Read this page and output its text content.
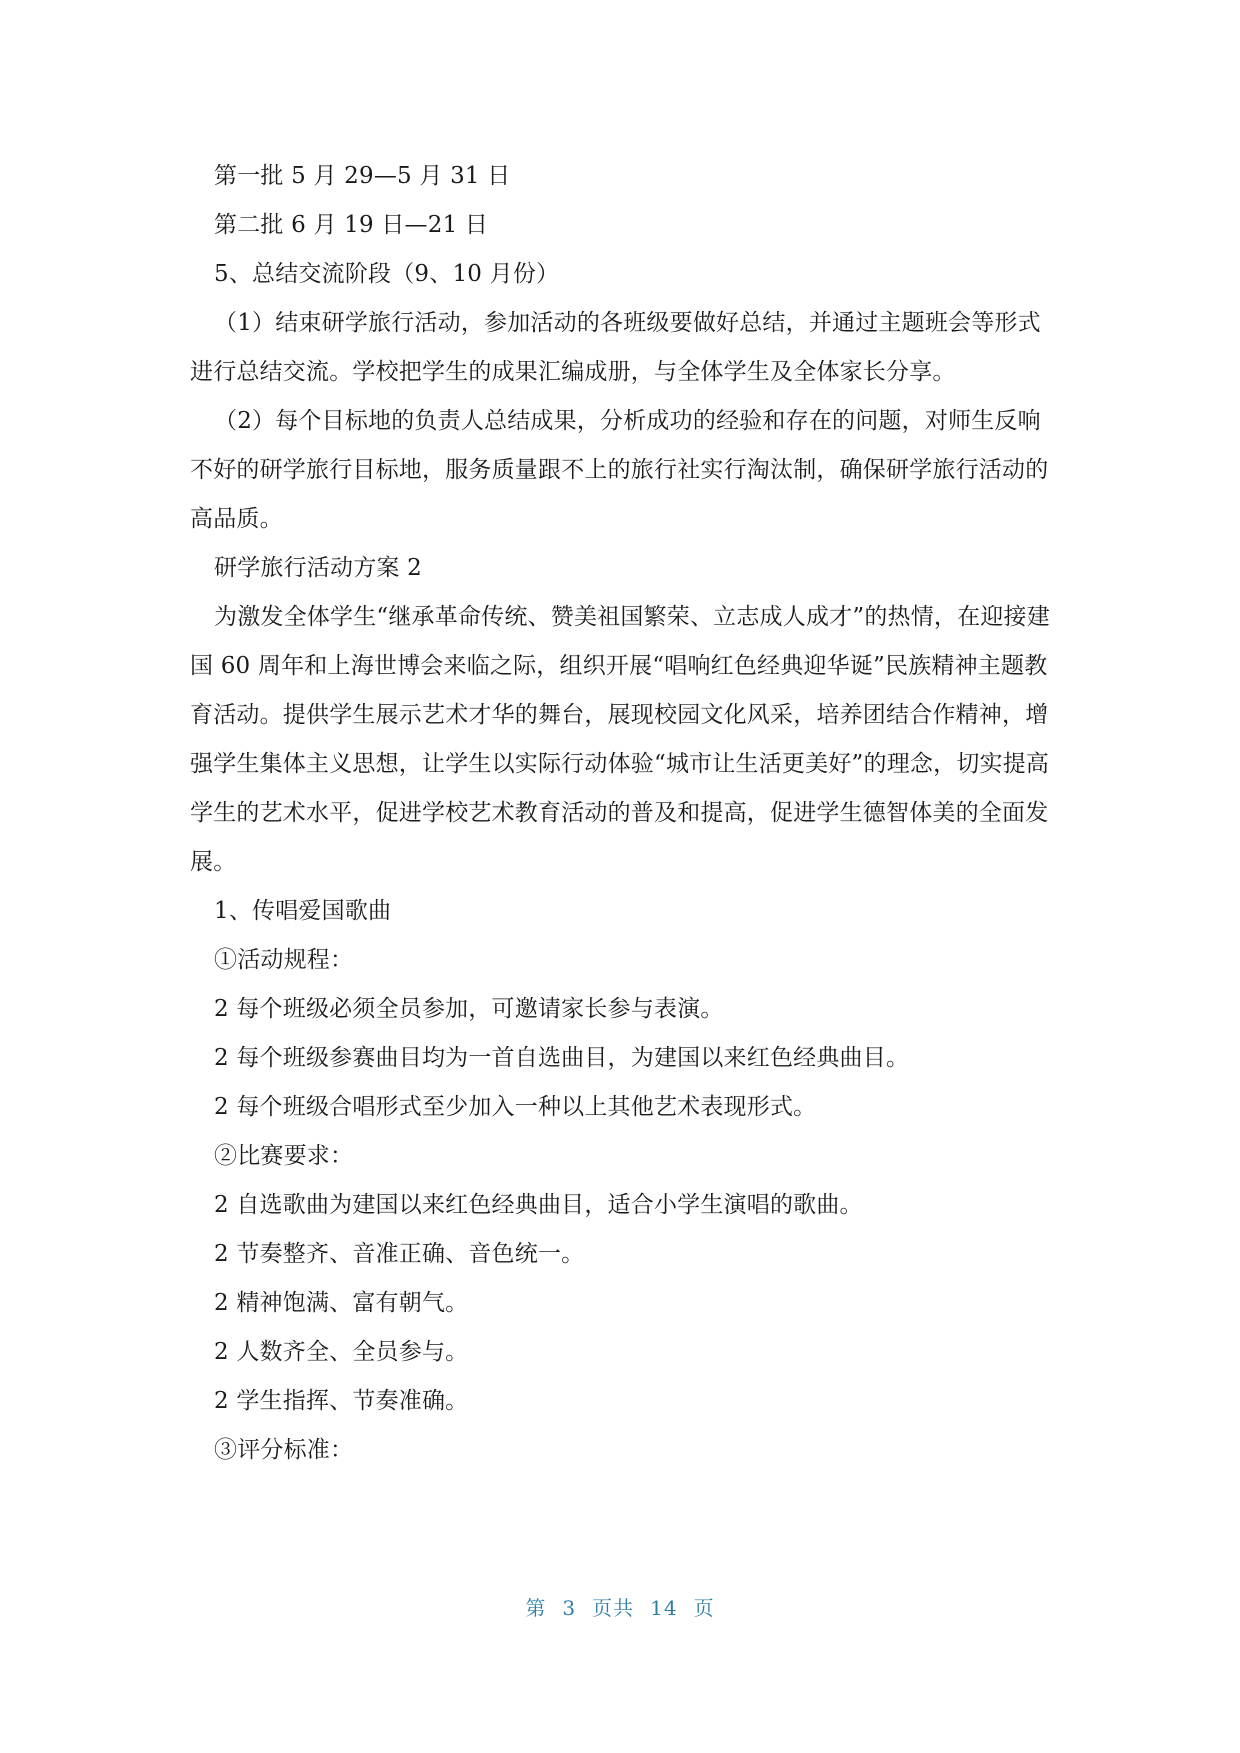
第一批 5 月 29—5 月 31 日

第二批 6 月 19 日—21 日

5、总结交流阶段（9、10 月份）

（1）结束研学旅行活动，参加活动的各班级要做好总结，并通过主题班会等形式进行总结交流。学校把学生的成果汇编成册，与全体学生及全体家长分享。

（2）每个目标地的负责人总结成果，分析成功的经验和存在的问题，对师生反响不好的研学旅行目标地，服务质量跟不上的旅行社实行淘汰制，确保研学旅行活动的高品质。

研学旅行活动方案 2

为激发全体学生“继承革命传统、赞美祖国繁荣、立志成人成才”的热情，在迎接建国 60 周年和上海世博会来临之际，组织开展“唱响红色经典迎华诞”民族精神主题教育活动。提供学生展示艺术才华的舞台，展现校园文化风采，培养团结合作精神，增强学生集体主义思想，让学生以实际行动体验“城市让生活更美好”的理念，切实提高学生的艺术水平，促进学校艺术教育活动的普及和提高，促进学生德智体美的全面发展。

1、传唱爱国歌曲

①活动规程：

2 每个班级必须全员参加，可邀请家长参与表演。

2 每个班级参赛曲目均为一首自选曲目，为建国以来红色经典曲目。

2 每个班级合唱形式至少加入一种以上其他艺术表现形式。

②比赛要求：

2 自选歌曲为建国以来红色经典曲目，适合小学生演唱的歌曲。

2 节奏整齐、音准正确、音色统一。

2 精神饱满、富有朝气。

2 人数齐全、全员参与。

2 学生指挥、节奏准确。

③评分标准：

第 3 页共 14 页
